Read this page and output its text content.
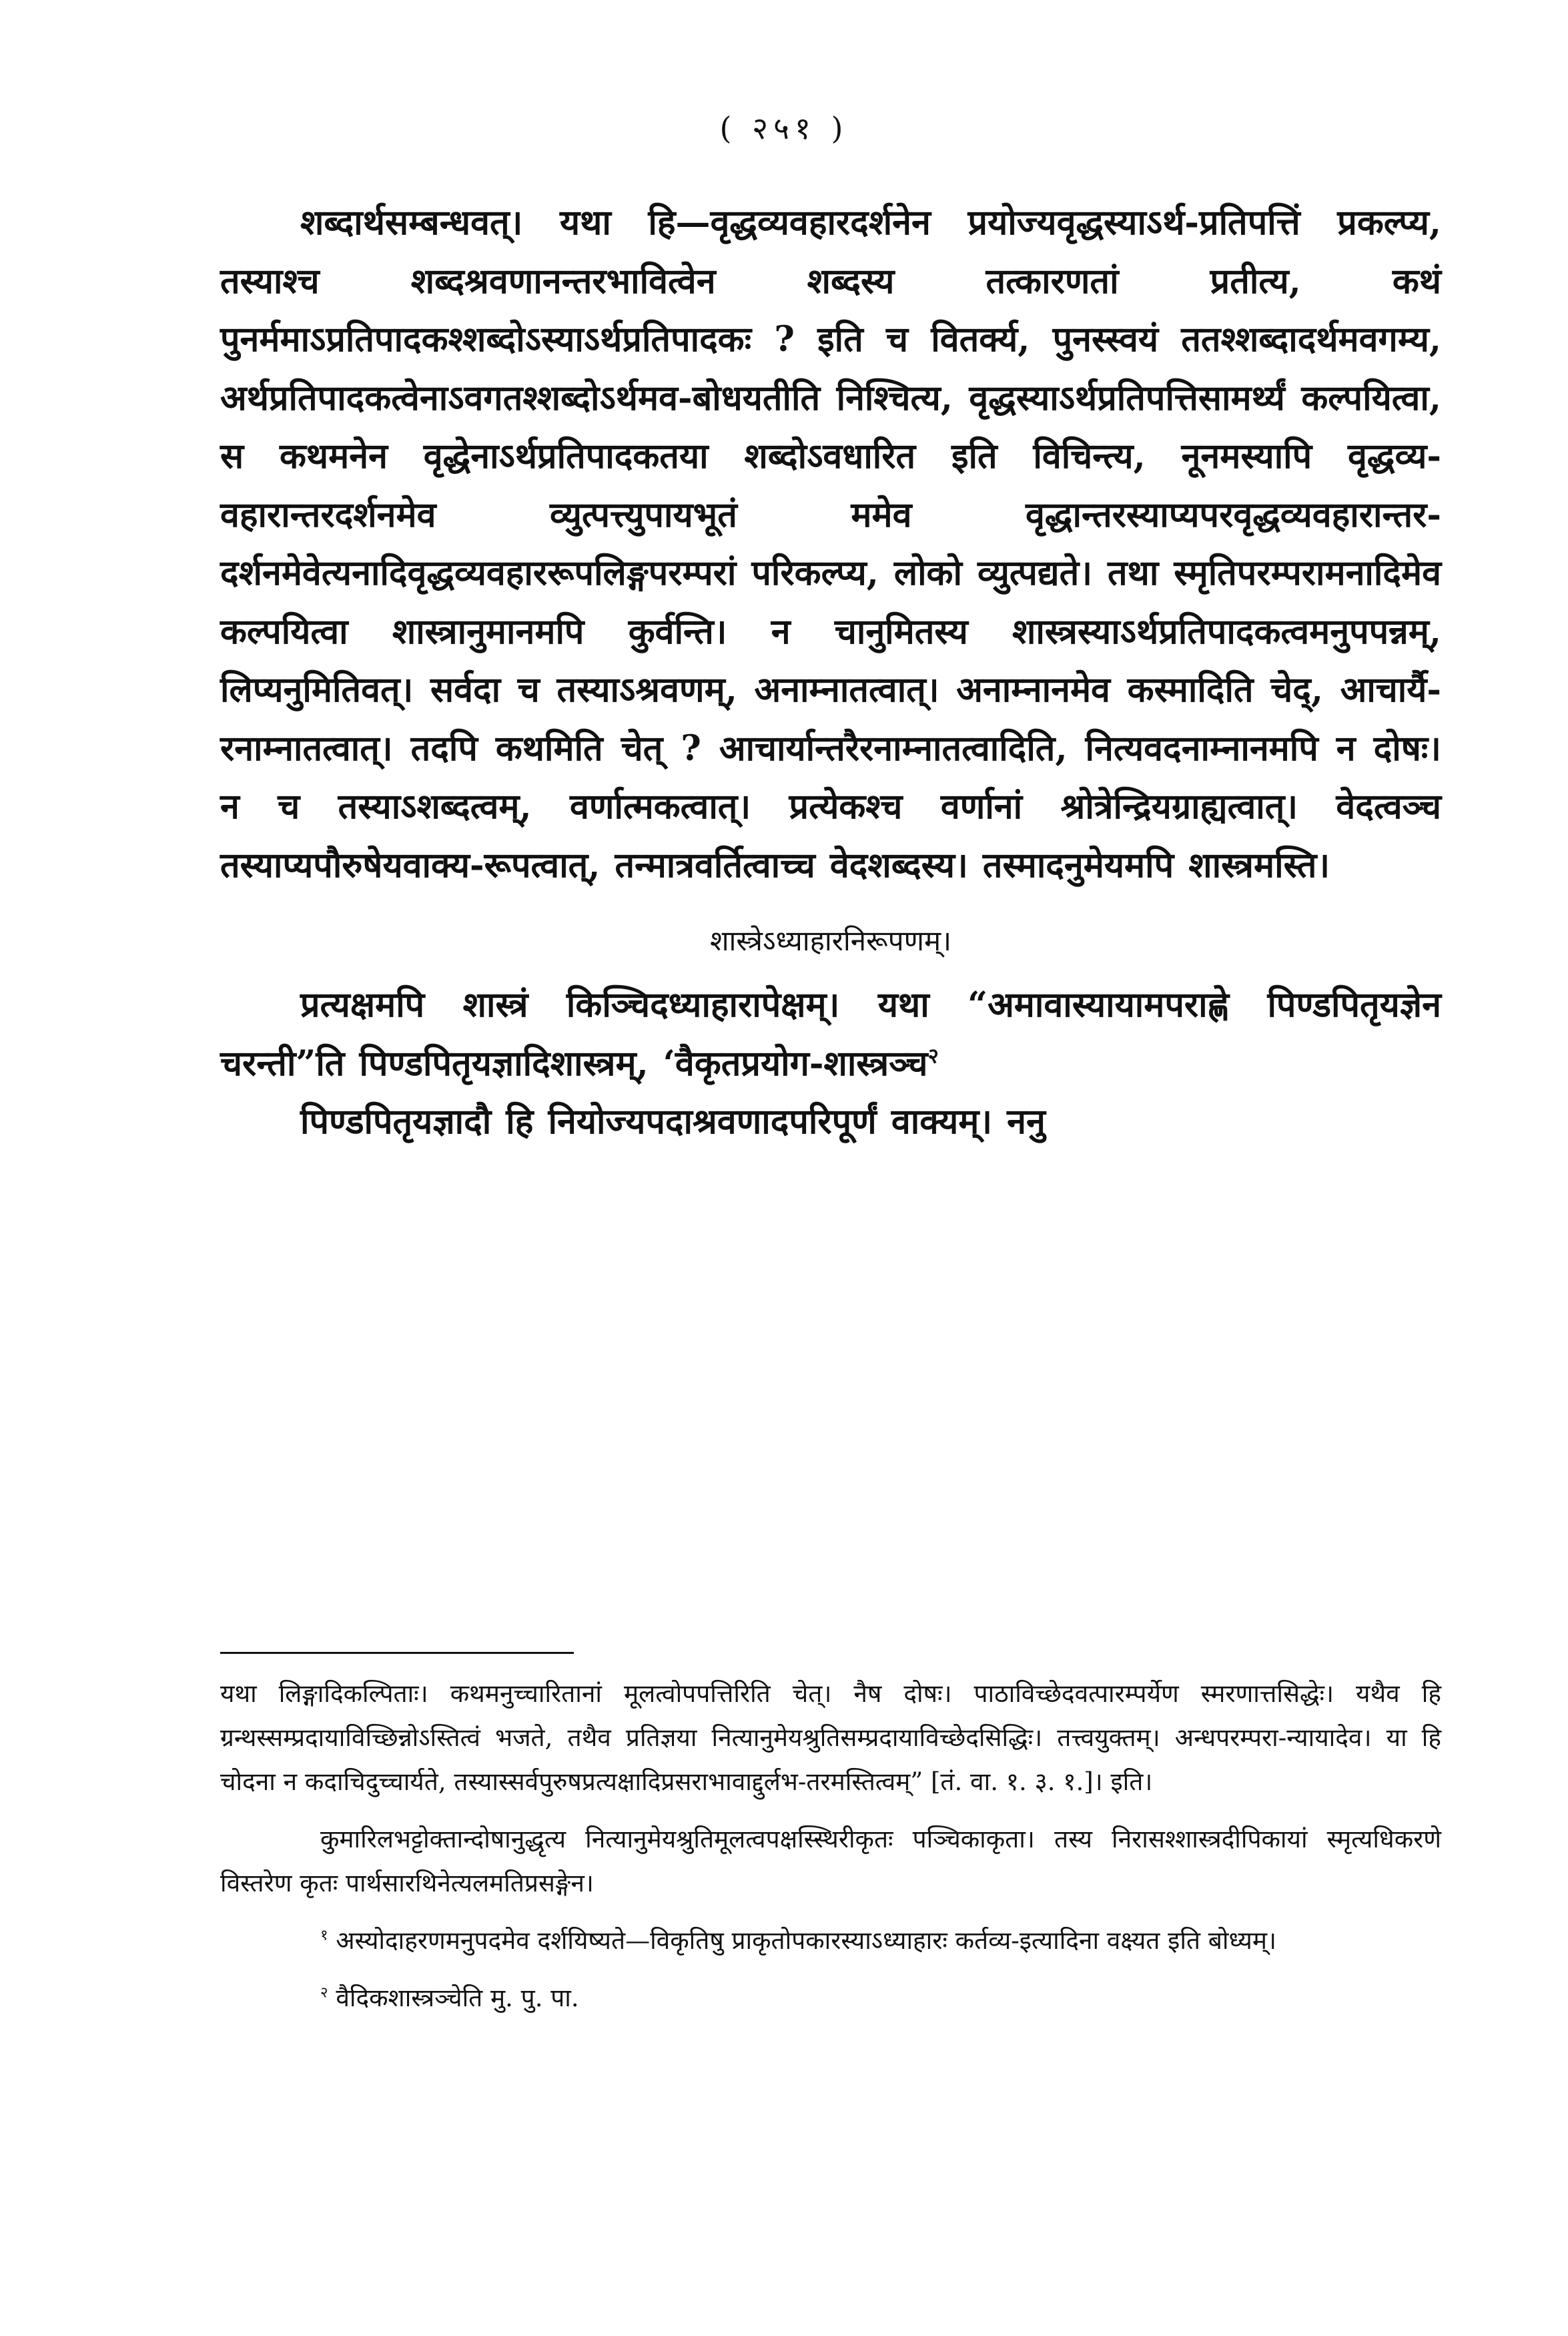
( २५१ )

शब्दार्थसम्बन्धवत्। यथा हि—वृद्धव्यवहारदर्शनेन प्रयोज्यवृद्धस्याऽर्थ-प्रतिपत्तिं प्रकल्प्य, तस्याश्च शब्दश्रवणानन्तरभावित्वेन शब्दस्य तत्कारणतां प्रतीत्य, कथं पुनर्ममाऽप्रतिपादकश्शब्दोऽस्याऽर्थप्रतिपादकः ? इति च वितर्क्य, पुनस्स्वयं ततश्शब्दादर्थमवगम्य, अर्थप्रतिपादकत्वेनाऽवगतश्शब्दोऽर्थमव-बोधयतीति निश्चित्य, वृद्धस्याऽर्थप्रतिपत्तिसामर्थ्यं कल्पयित्वा, स कथमनेन वृद्धेनाऽर्थप्रतिपादकतया शब्दोऽवधारित इति विचिन्त्य, नूनमस्यापि वृद्धव्य-वहारान्तरदर्शनमेव व्युत्पत्त्युपायभूतं ममेव वृद्धान्तरस्याप्यपरवृद्धव्यवहारान्तर-दर्शनमेवेत्यनादिवृद्धव्यवहाररूपलिङ्गपरम्परां परिकल्प्य, लोको व्युत्पद्यते। तथा स्मृतिपरम्परामनादिमेव कल्पयित्वा शास्त्रानुमानमपि कुर्वन्ति। न चानुमितस्य शास्त्रस्याऽर्थप्रतिपादकत्वमनुपपन्नम्, लिप्यनुमितिवत्। सर्वदा च तस्याऽश्रवणम्, अनाम्नातत्वात्। अनाम्नानमेव कस्मादिति चेद्, आचार्यै-रनाम्नातत्वात्। तदपि कथमिति चेत् ? आचार्यान्तरैरनाम्नातत्वादिति, नित्यवदनाम्नानमपि न दोषः। न च तस्याऽशब्दत्वम्, वर्णात्मकत्वात्। प्रत्येकश्च वर्णानां श्रोत्रेन्द्रियग्राह्यत्वात्। वेदत्वञ्च तस्याप्यपौरुषेयवाक्य-रूपत्वात्, तन्मात्रवर्तित्वाच्च वेदशब्दस्य। तस्मादनुमेयमपि शास्त्रमस्ति।

शास्त्रेऽध्याहारनिरूपणम्।

प्रत्यक्षमपि शास्त्रं किञ्चिदध्याहारापेक्षम्। यथा “अमावास्यायामपराह्णे पिण्डपितृयज्ञेन चरन्ती”ति पिण्डपितृयज्ञादिशास्त्रम्, ‘वैकृतप्रयोग-शास्त्रञ्च$^२$

पिण्डपितृयज्ञादौ हि नियोज्यपदाश्रवणादपरिपूर्णं वाक्यम्। ननु

यथा लिङ्गादिकल्पिताः। कथमनुच्चारितानां मूलत्वोपपत्तिरिति चेत्। नैष दोषः। पाठाविच्छेदवत्पारम्पर्येण स्मरणात्तसिद्धेः। यथैव हि ग्रन्थस्सम्प्रदायाविच्छिन्नोऽस्तित्वं भजते, तथैव प्रतिज्ञया नित्यानुमेयश्रुतिसम्प्रदायाविच्छेदसिद्धिः। तत्त्वयुक्तम्। अन्धपरम्परा-न्यायादेव। या हि चोदना न कदाचिदुच्चार्यते, तस्यास्सर्वपुरुषप्रत्यक्षादिप्रसराभावाद्दुर्लभ-तरमस्तित्वम्” [तं. वा. १. ३. १.]। इति।

कुमारिलभट्टोक्तान्दोषानुद्धृत्य नित्यानुमेयश्रुतिमूलत्वपक्षस्स्थिरीकृतः पञ्चिकाकृता। तस्य निरासश्शास्त्रदीपिकायां स्मृत्यधिकरणे विस्तरेण कृतः पार्थसारथिनेत्यलमतिप्रसङ्गेन।

$^१$ अस्योदाहरणमनुपदमेव दर्शयिष्यते—विकृतिषु प्राकृतोपकारस्याऽध्याहारः कर्तव्य-इत्यादिना वक्ष्यत इति बोध्यम्।

$^२$ वैदिकशास्त्रञ्चेति मु. पु. पा.
